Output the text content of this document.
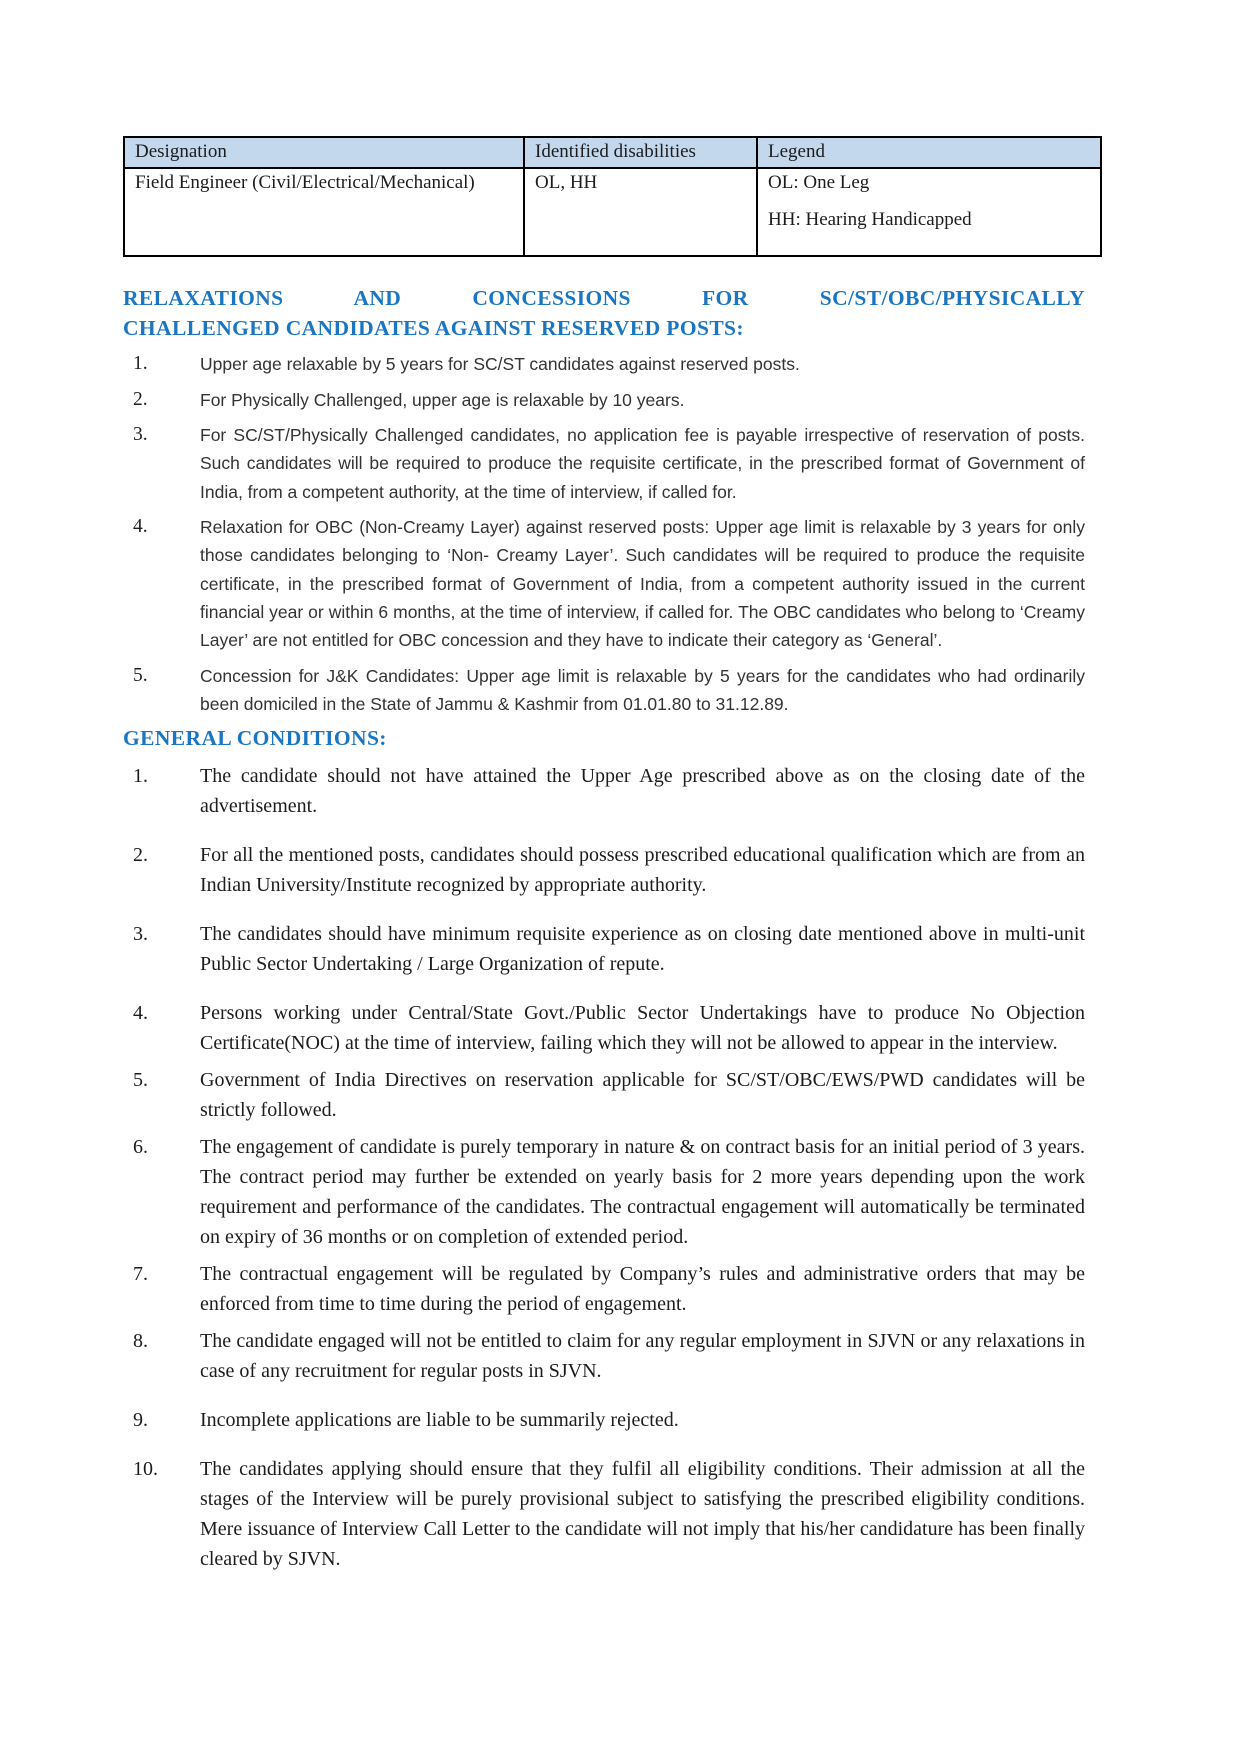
Designation	Identified disabilities	Legend
Field Engineer (Civil/Electrical/Mechanical)	OL, HH	OL: One Leg
HH: Hearing Handicapped
RELAXATIONS AND CONCESSIONS FOR SC/ST/OBC/PHYSICALLY
CHALLENGED CANDIDATES AGAINST RESERVED POSTS:
1.	Upper age relaxable by 5 years for SC/ST candidates against reserved posts.
2.	For Physically Challenged, upper age is relaxable by 10 years.
3.	For SC/ST/Physically Challenged candidates, no application fee is payable irrespective of reservation of posts. Such candidates will be required to produce the requisite certificate, in the prescribed format of Government of India, from a competent authority, at the time of interview, if called for.
4.	Relaxation for OBC (Non-Creamy Layer) against reserved posts: Upper age limit is relaxable by 3 years for only those candidates belonging to ‘Non- Creamy Layer’. Such candidates will be required to produce the requisite certificate, in the prescribed format of Government of India, from a competent authority issued in the current financial year or within 6 months, at the time of interview, if called for. The OBC candidates who belong to ‘Creamy Layer’ are not entitled for OBC concession and they have to indicate their category as ‘General’.
5.	Concession for J&K Candidates: Upper age limit is relaxable by 5 years for the candidates who had ordinarily been domiciled in the State of Jammu & Kashmir from 01.01.80 to 31.12.89.
GENERAL CONDITIONS:
1.	The candidate should not have attained the Upper Age prescribed above as on the closing date of the advertisement.
2.	For all the mentioned posts, candidates should possess prescribed educational qualification which are from an Indian University/Institute recognized by appropriate authority.
3.	The candidates should have minimum requisite experience as on closing date mentioned above in multi-unit Public Sector Undertaking / Large Organization of repute.
4.	Persons working under Central/State Govt./Public Sector Undertakings have to produce No Objection Certificate(NOC) at the time of interview, failing which they will not be allowed to appear in the interview.
5.	Government of India Directives on reservation applicable for SC/ST/OBC/EWS/PWD candidates will be strictly followed.
6.	The engagement of candidate is purely temporary in nature & on contract basis for an initial period of 3 years. The contract period may further be extended on yearly basis for 2 more years depending upon the work requirement and performance of the candidates. The contractual engagement will automatically be terminated on expiry of 36 months or on completion of extended period.
7.	The contractual engagement will be regulated by Company’s rules and administrative orders that may be enforced from time to time during the period of engagement.
8.	The candidate engaged will not be entitled to claim for any regular employment in SJVN or any relaxations in case of any recruitment for regular posts in SJVN.
9.	Incomplete applications are liable to be summarily rejected.
10.	The candidates applying should ensure that they fulfil all eligibility conditions. Their admission at all the stages of the Interview will be purely provisional subject to satisfying the prescribed eligibility conditions. Mere issuance of Interview Call Letter to the candidate will not imply that his/her candidature has been finally cleared by SJVN.
